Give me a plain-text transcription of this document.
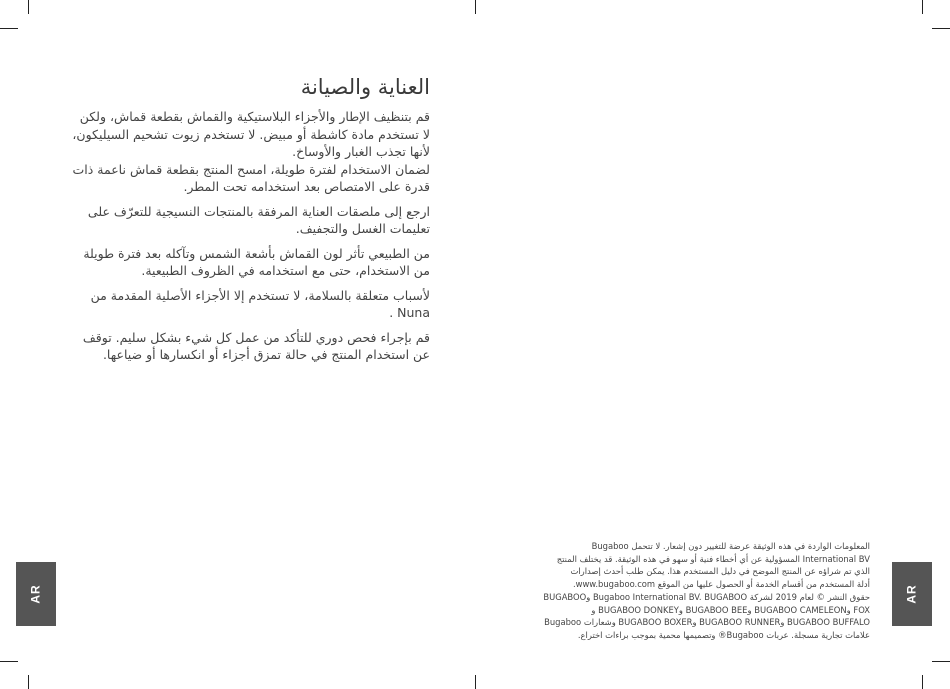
العناية والصيانة

قم بتنظيف الإطار والأجزاء البلاستيكية والقماش بقطعة قماش، ولكن
لا تستخدم مادة كاشطة أو مبيض. لا تستخدم زيوت تشحيم السيليكون،
لأنها تجذب الغبار والأوساخ.
لضمان الاستخدام لفترة طويلة، امسح المنتج بقطعة قماش ناعمة ذات
قدرة على الامتصاص بعد استخدامه تحت المطر.

ارجع إلى ملصقات العناية المرفقة بالمنتجات النسيجية للتعرّف على
تعليمات الغسل والتجفيف.

من الطبيعي تأثر لون القماش بأشعة الشمس وتآكله بعد فترة طويلة
من الاستخدام، حتى مع استخدامه في الظروف الطبيعية.

لأسباب متعلقة بالسلامة، لا تستخدم إلا الأجزاء الأصلية المقدمة من
Nuna .

قم بإجراء فحص دوري للتأكد من عمل كل شيء بشكل سليم. توقف
عن استخدام المنتج في حالة تمزق أجزاء أو انكسارها أو ضياعها.

AR	AR
المعلومات الواردة في هذه الوثيقة عرضة للتغيير دون إشعار. لا تتحمل Bugaboo
International BV المسؤولية عن أي أخطاء فنية أو سهو في هذه الوثيقة. قد يختلف المنتج
الذي تم شراؤه عن المنتج الموضح في دليل المستخدم هذا. يمكن طلب أحدث إصدارات
أدلة المستخدم من أقسام الخدمة أو الحصول عليها من الموقع www.bugaboo.com.
حقوق النشر © لعام 2019 لشركة Bugaboo International BV. BUGABOO وBUGABOO
FOX وBUGABOO CAMELEON وBUGABOO BEE وBUGABOO DONKEY و
BUGABOO BUFFALO وBUGABOO RUNNER وBUGABOO BOXER وشعارات Bugaboo
علامات تجارية مسجلة. عربات Bugaboo® وتصميمها محمية بموجب براءات اختراع.
